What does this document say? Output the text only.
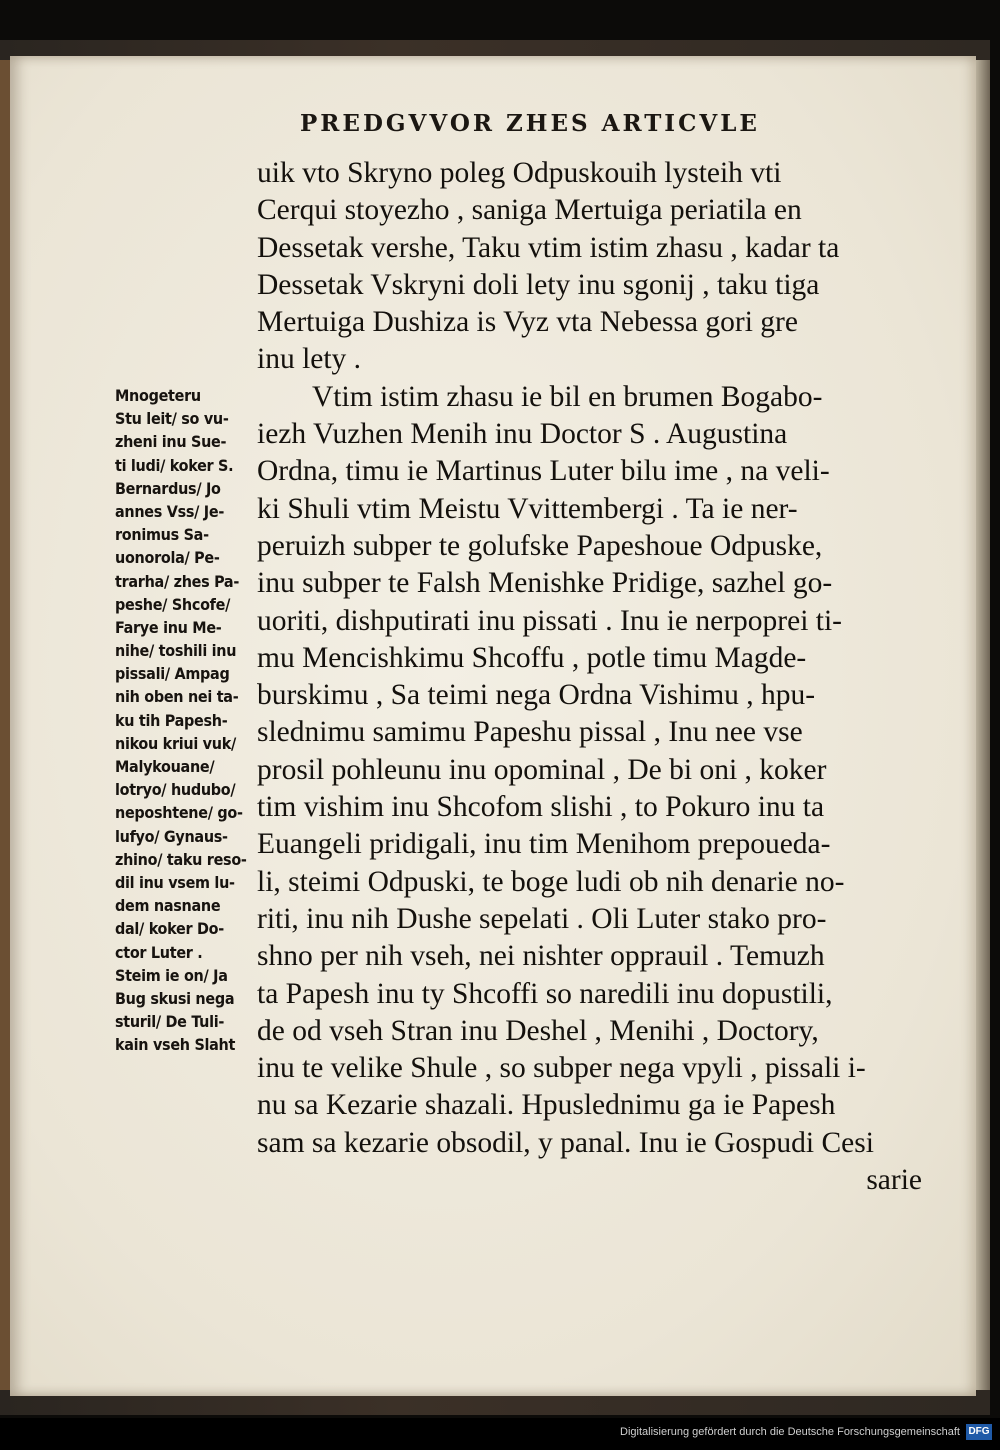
PREDGVVOR ZHES ARTICVLE
uik vto Skryno poleg Odpuskouih lysteih vti
Cerqui stoyezho , saniga Mertuiga periatila en
Dessetak vershe, Taku vtim istim zhasu , kadar ta
Dessetak Vskryni doli lety inu sgonij , taku tiga
Mertuiga Dushiza is Vyz vta Nebessa gori gre
inu lety .
Vtim istim zhasu ie bil en brumen Bogabo-
iezh Vuzhen Menih inu Doctor S . Augustina
Ordna, timu ie Martinus Luter bilu ime , na veli-
ki Shuli vtim Meistu Vvittembergi . Ta ie ner-
peruizh subper te golufske Papeshoue Odpuske,
inu subper te Falsh Menishke Pridige, sazhel go-
uoriti, dishputirati inu pissati . Inu ie nerpoprei ti-
mu Mencishkimu Shcoffu , potle timu Magde-
burskimu , Sa teimi nega Ordna Vishimu , hpu-
slednimu samimu Papeshu pissal , Inu nee vse
prosil pohleunu inu opominal , De bi oni , koker
tim vishim inu Shcofom slishi , to Pokuro inu ta
Euangeli pridigali, inu tim Menihom prepoueda-
li, steimi Odpuski, te boge ludi ob nih denarie no-
riti, inu nih Dushe sepelati . Oli Luter stako pro-
shno per nih vseh, nei nishter opprauil . Temuzh
ta Papesh inu ty Shcoffi so naredili inu dopustili,
de od vseh Stran inu Deshel , Menihi , Doctory,
inu te velike Shule , so subper nega vpyli , pissali i-
nu sa Kezarie shazali. Hpuslednimu ga ie Papesh
sam sa kezarie obsodil, y panal. Inu ie Gospudi Cesi
sarie
Mnogeteru
Stu leit/ so vu-
zheni inu Sue-
ti ludi/ koker S.
Bernardus/ Jo
annes Vss/ Je-
ronimus Sa-
uonorola/ Pe-
trarha/ zhes Pa-
peshe/ Shcofe/
Farye inu Me-
nihe/ toshili inu
pissali/ Ampag
nih oben nei ta-
ku tih Papesh-
nikou kriui vuk/
Malykouane/
lotryo/ hudubo/
neposhtene/ go-
lufyo/ Gynaus-
zhino/ taku reso-
dil inu vsem lu-
dem nasnane
dal/ koker Do-
ctor Luter .
Steim ie on/ Ja
Bug skusi nega
sturil/ De Tuli-
kain vseh Slaht
Digitalisierung gefördert durch die Deutsche Forschungsgemeinschaft DFG
